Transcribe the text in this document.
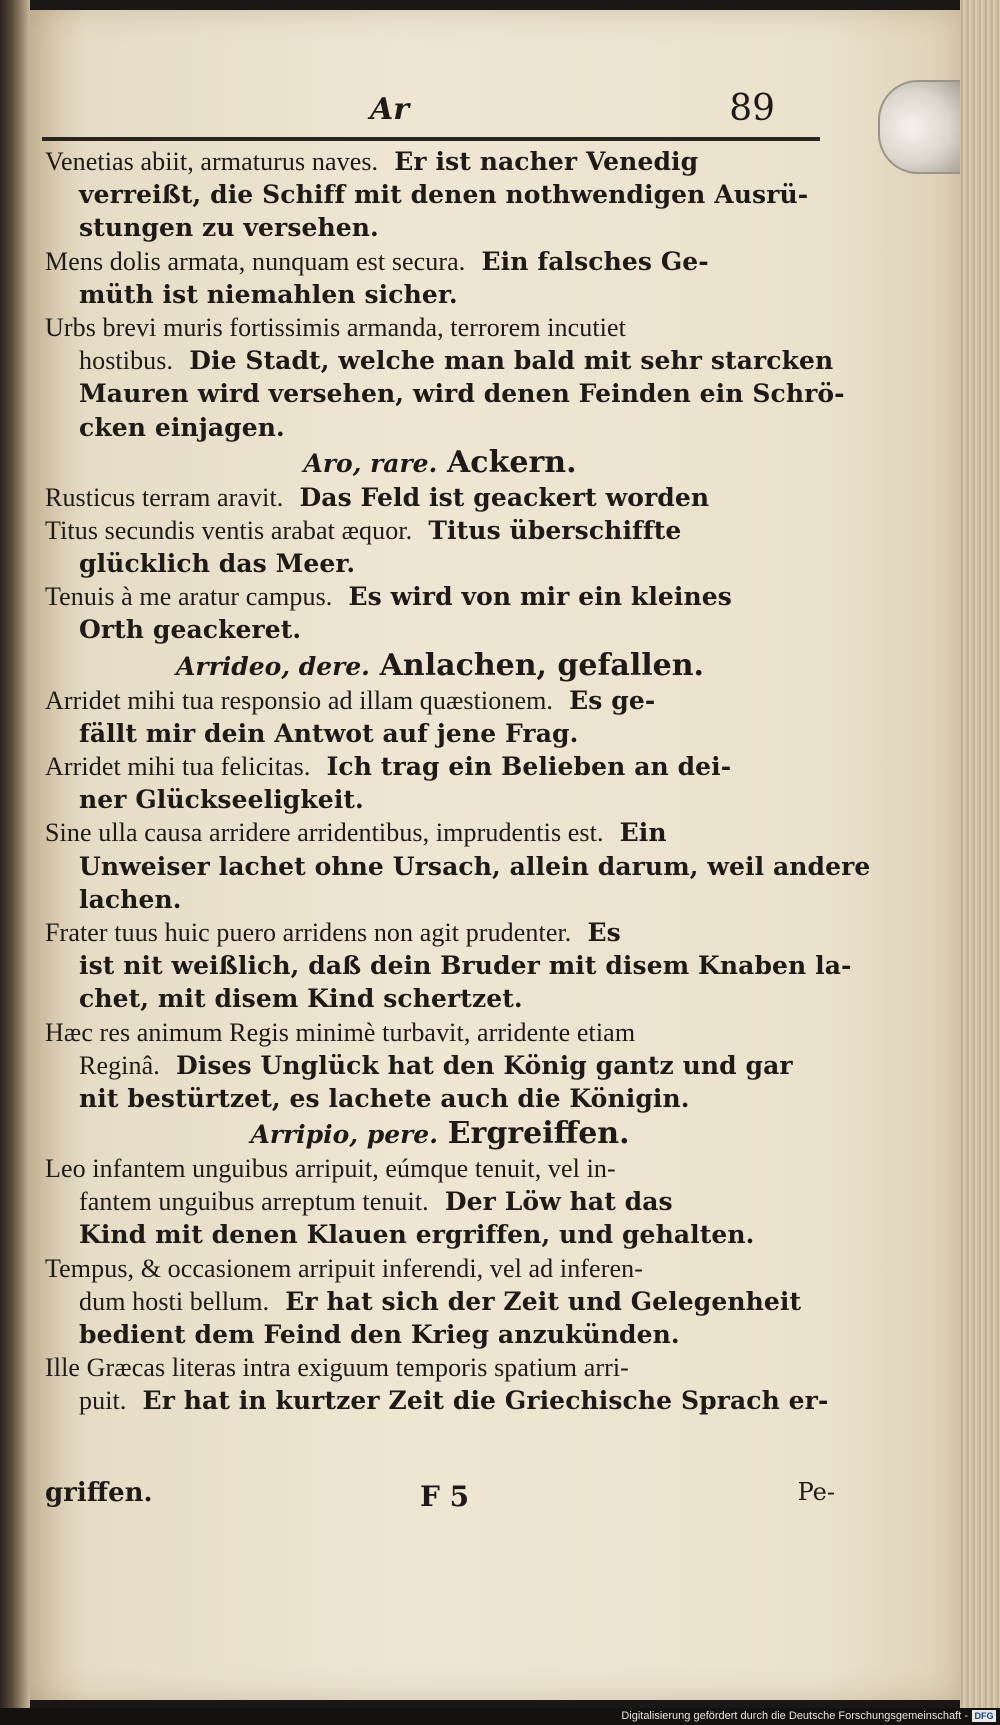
Ar	89
Venetias abiit, armaturus naves. Er ist nacher Venedig
verreißt, die Schiff mit denen nothwendigen Ausrü-
stungen zu versehen.
Mens dolis armata, nunquam est secura. Ein falsches Ge-
müth ist niemahlen sicher.
Urbs brevi muris fortissimis armanda, terrorem incutiet
hostibus. Die Stadt, welche man bald mit sehr starcken
Mauren wird versehen, wird denen Feinden ein Schrö-
cken einjagen.
Aro, rare. Ackern.
Rusticus terram aravit. Das Feld ist geackert worden
Titus secundis ventis arabat æquor. Titus überschiffte
glücklich das Meer.
Tenuis à me aratur campus. Es wird von mir ein kleines
Orth geackeret.
Arrideo, dere. Anlachen, gefallen.
Arridet mihi tua responsio ad illam quæstionem. Es ge-
fällt mir dein Antwot auf jene Frag.
Arridet mihi tua felicitas. Ich trag ein Belieben an dei-
ner Glückseeligkeit.
Sine ulla causa arridere arridentibus, imprudentis est. Ein
Unweiser lachet ohne Ursach, allein darum, weil andere
lachen.
Frater tuus huic puero arridens non agit prudenter. Es
ist nit weißlich, daß dein Bruder mit disem Knaben la-
chet, mit disem Kind schertzet.
Hæc res animum Regis minimè turbavit, arridente etiam
Reginâ. Dises Unglück hat den König gantz und gar
nit bestürtzet, es lachete auch die Königin.
Arripio, pere. Ergreiffen.
Leo infantem unguibus arripuit, eúmque tenuit, vel in-
fantem unguibus arreptum tenuit. Der Löw hat das
Kind mit denen Klauen ergriffen, und gehalten.
Tempus, & occasionem arripuit inferendi, vel ad inferen-
dum hosti bellum. Er hat sich der Zeit und Gelegenheit
bedient dem Feind den Krieg anzukünden.
Ille Græcas literas intra exiguum temporis spatium arri-
puit. Er hat in kurtzer Zeit die Griechische Sprach er-
griffen.	F 5	Pe-
Digitalisierung gefördert durch die Deutsche Forschungsgemeinschaft - DFG
